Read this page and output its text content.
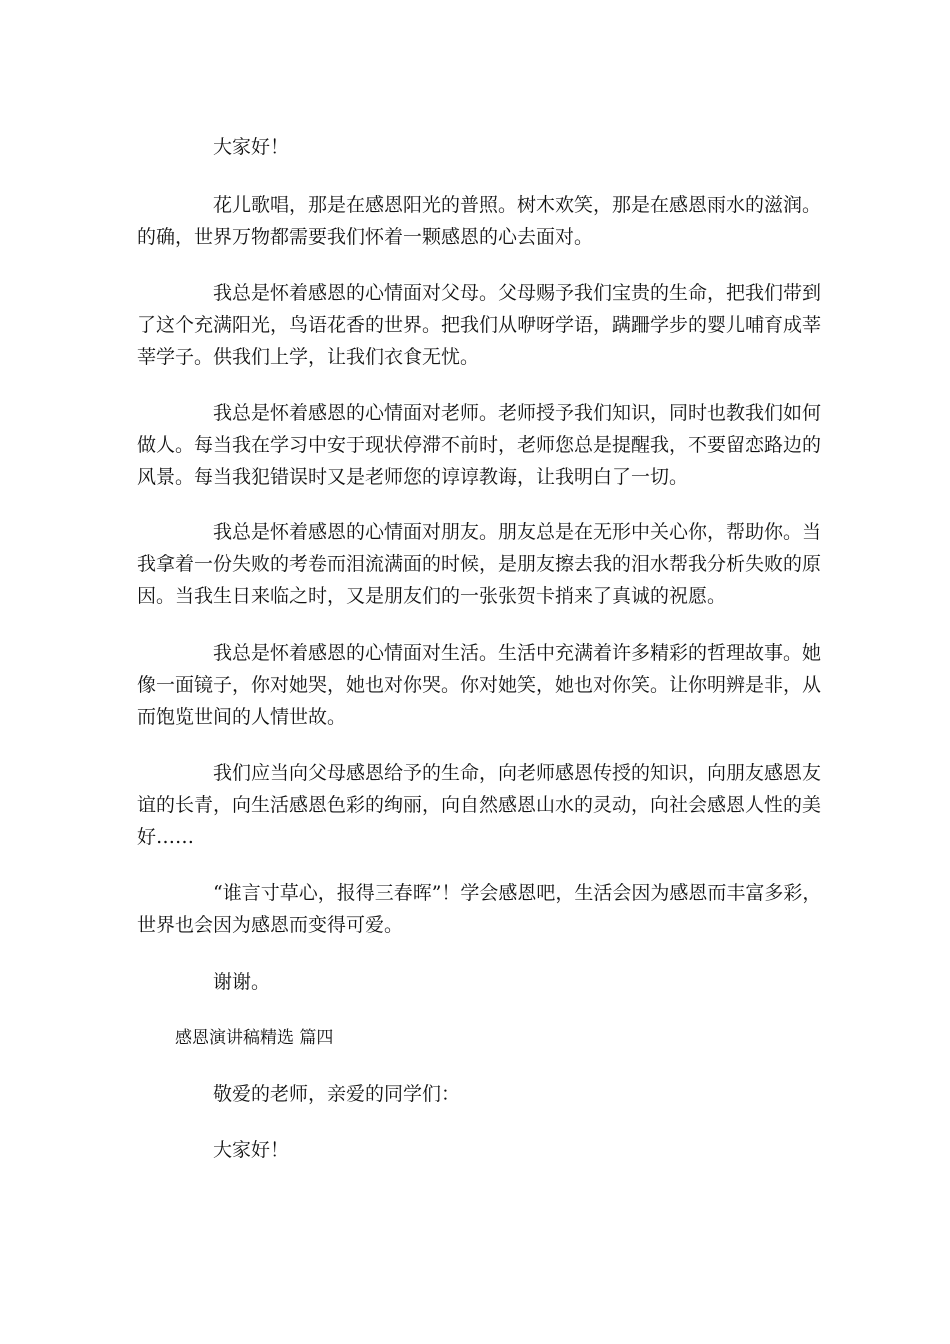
大家好！

花儿歌唱，那是在感恩阳光的普照。树木欢笑，那是在感恩雨水的滋润。的确，世界万物都需要我们怀着一颗感恩的心去面对。

我总是怀着感恩的心情面对父母。父母赐予我们宝贵的生命，把我们带到了这个充满阳光，鸟语花香的世界。把我们从咿呀学语，蹒跚学步的婴儿哺育成莘莘学子。供我们上学，让我们衣食无忧。

我总是怀着感恩的心情面对老师。老师授予我们知识，同时也教我们如何做人。每当我在学习中安于现状停滞不前时，老师您总是提醒我，不要留恋路边的风景。每当我犯错误时又是老师您的谆谆教诲，让我明白了一切。

我总是怀着感恩的心情面对朋友。朋友总是在无形中关心你，帮助你。当我拿着一份失败的考卷而泪流满面的时候，是朋友擦去我的泪水帮我分析失败的原因。当我生日来临之时，又是朋友们的一张张贺卡捎来了真诚的祝愿。

我总是怀着感恩的心情面对生活。生活中充满着许多精彩的哲理故事。她像一面镜子，你对她哭，她也对你哭。你对她笑，她也对你笑。让你明辨是非，从而饱览世间的人情世故。

我们应当向父母感恩给予的生命，向老师感恩传授的知识，向朋友感恩友谊的长青，向生活感恩色彩的绚丽，向自然感恩山水的灵动，向社会感恩人性的美好……

“谁言寸草心，报得三春晖”！学会感恩吧，生活会因为感恩而丰富多彩，世界也会因为感恩而变得可爱。

谢谢。

感恩演讲稿精选 篇四

敬爱的老师，亲爱的同学们：

大家好！
